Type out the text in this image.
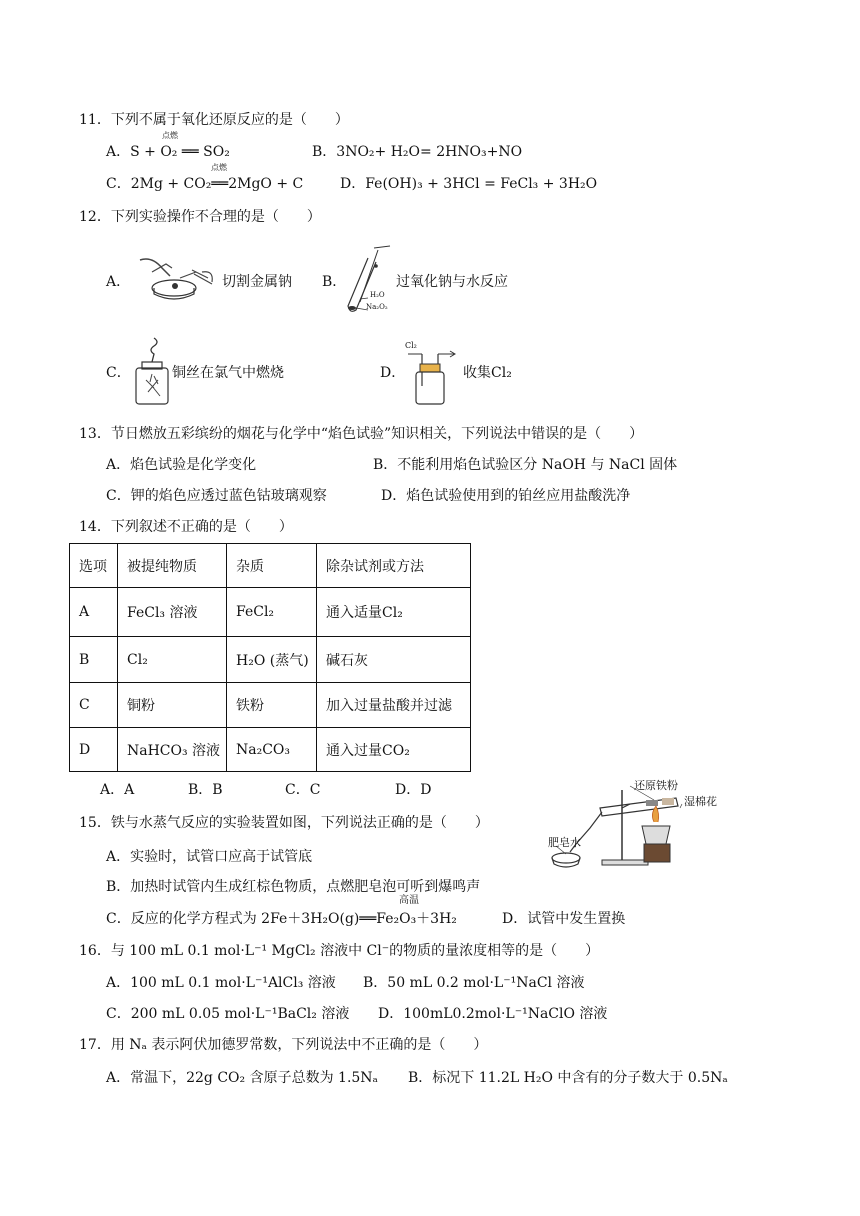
11．下列不属于氧化还原反应的是（　　）
A．S + O₂ ══ SO₂
点燃
B．3NO₂+ H₂O= 2HNO₃+NO
C．2Mg + CO₂══2MgO + C
点燃
D．Fe(OH)₃ + 3HCl = FeCl₃ + 3H₂O
12．下列实验操作不合理的是（　　）
A．	切割金属钠 B．
H₂O
Na₂O₂
过氧化钠与水反应
C．	铜丝在氯气中燃烧	D．
Cl₂
收集Cl₂
13．节日燃放五彩缤纷的烟花与化学中“焰色试验”知识相关，下列说法中错误的是（　　）
A．焰色试验是化学变化	B．不能利用焰色试验区分 NaOH 与 NaCl 固体
C．钾的焰色应透过蓝色钴玻璃观察	D．焰色试验使用到的铂丝应用盐酸洗净
14．下列叙述不正确的是（　　）
选项	被提纯物质	杂质	除杂试剂或方法
A	FeCl₃ 溶液	FeCl₂	通入适量Cl₂
B	Cl₂	H₂O (蒸气)	碱石灰
C	铜粉	铁粉	加入过量盐酸并过滤
D	NaHCO₃ 溶液	Na₂CO₃	通入过量CO₂
A．A	B．B	C．C	D．D
15．铁与水蒸气反应的实验装置如图，下列说法正确的是（　　）
还原铁粉
湿棉花
肥皂水
A．实验时，试管口应高于试管底
B．加热时试管内生成红棕色物质，点燃肥皂泡可听到爆鸣声
C．反应的化学方程式为 2Fe＋3H₂O(g)══Fe₂O₃＋3H₂
高温
D．试管中发生置换
16．与 100 mL 0.1 mol·L⁻¹ MgCl₂ 溶液中 Cl⁻的物质的量浓度相等的是（　　）
A．100 mL 0.1 mol·L⁻¹AlCl₃ 溶液 B．50 mL 0.2 mol·L⁻¹NaCl 溶液
C．200 mL 0.05 mol·L⁻¹BaCl₂ 溶液 D．100mL0.2mol·L⁻¹NaClO 溶液
17．用 Nₐ 表示阿伏加德罗常数，下列说法中不正确的是（　　）
A．常温下，22g CO₂ 含原子总数为 1.5Nₐ B．标况下 11.2L H₂O 中含有的分子数大于 0.5Nₐ
